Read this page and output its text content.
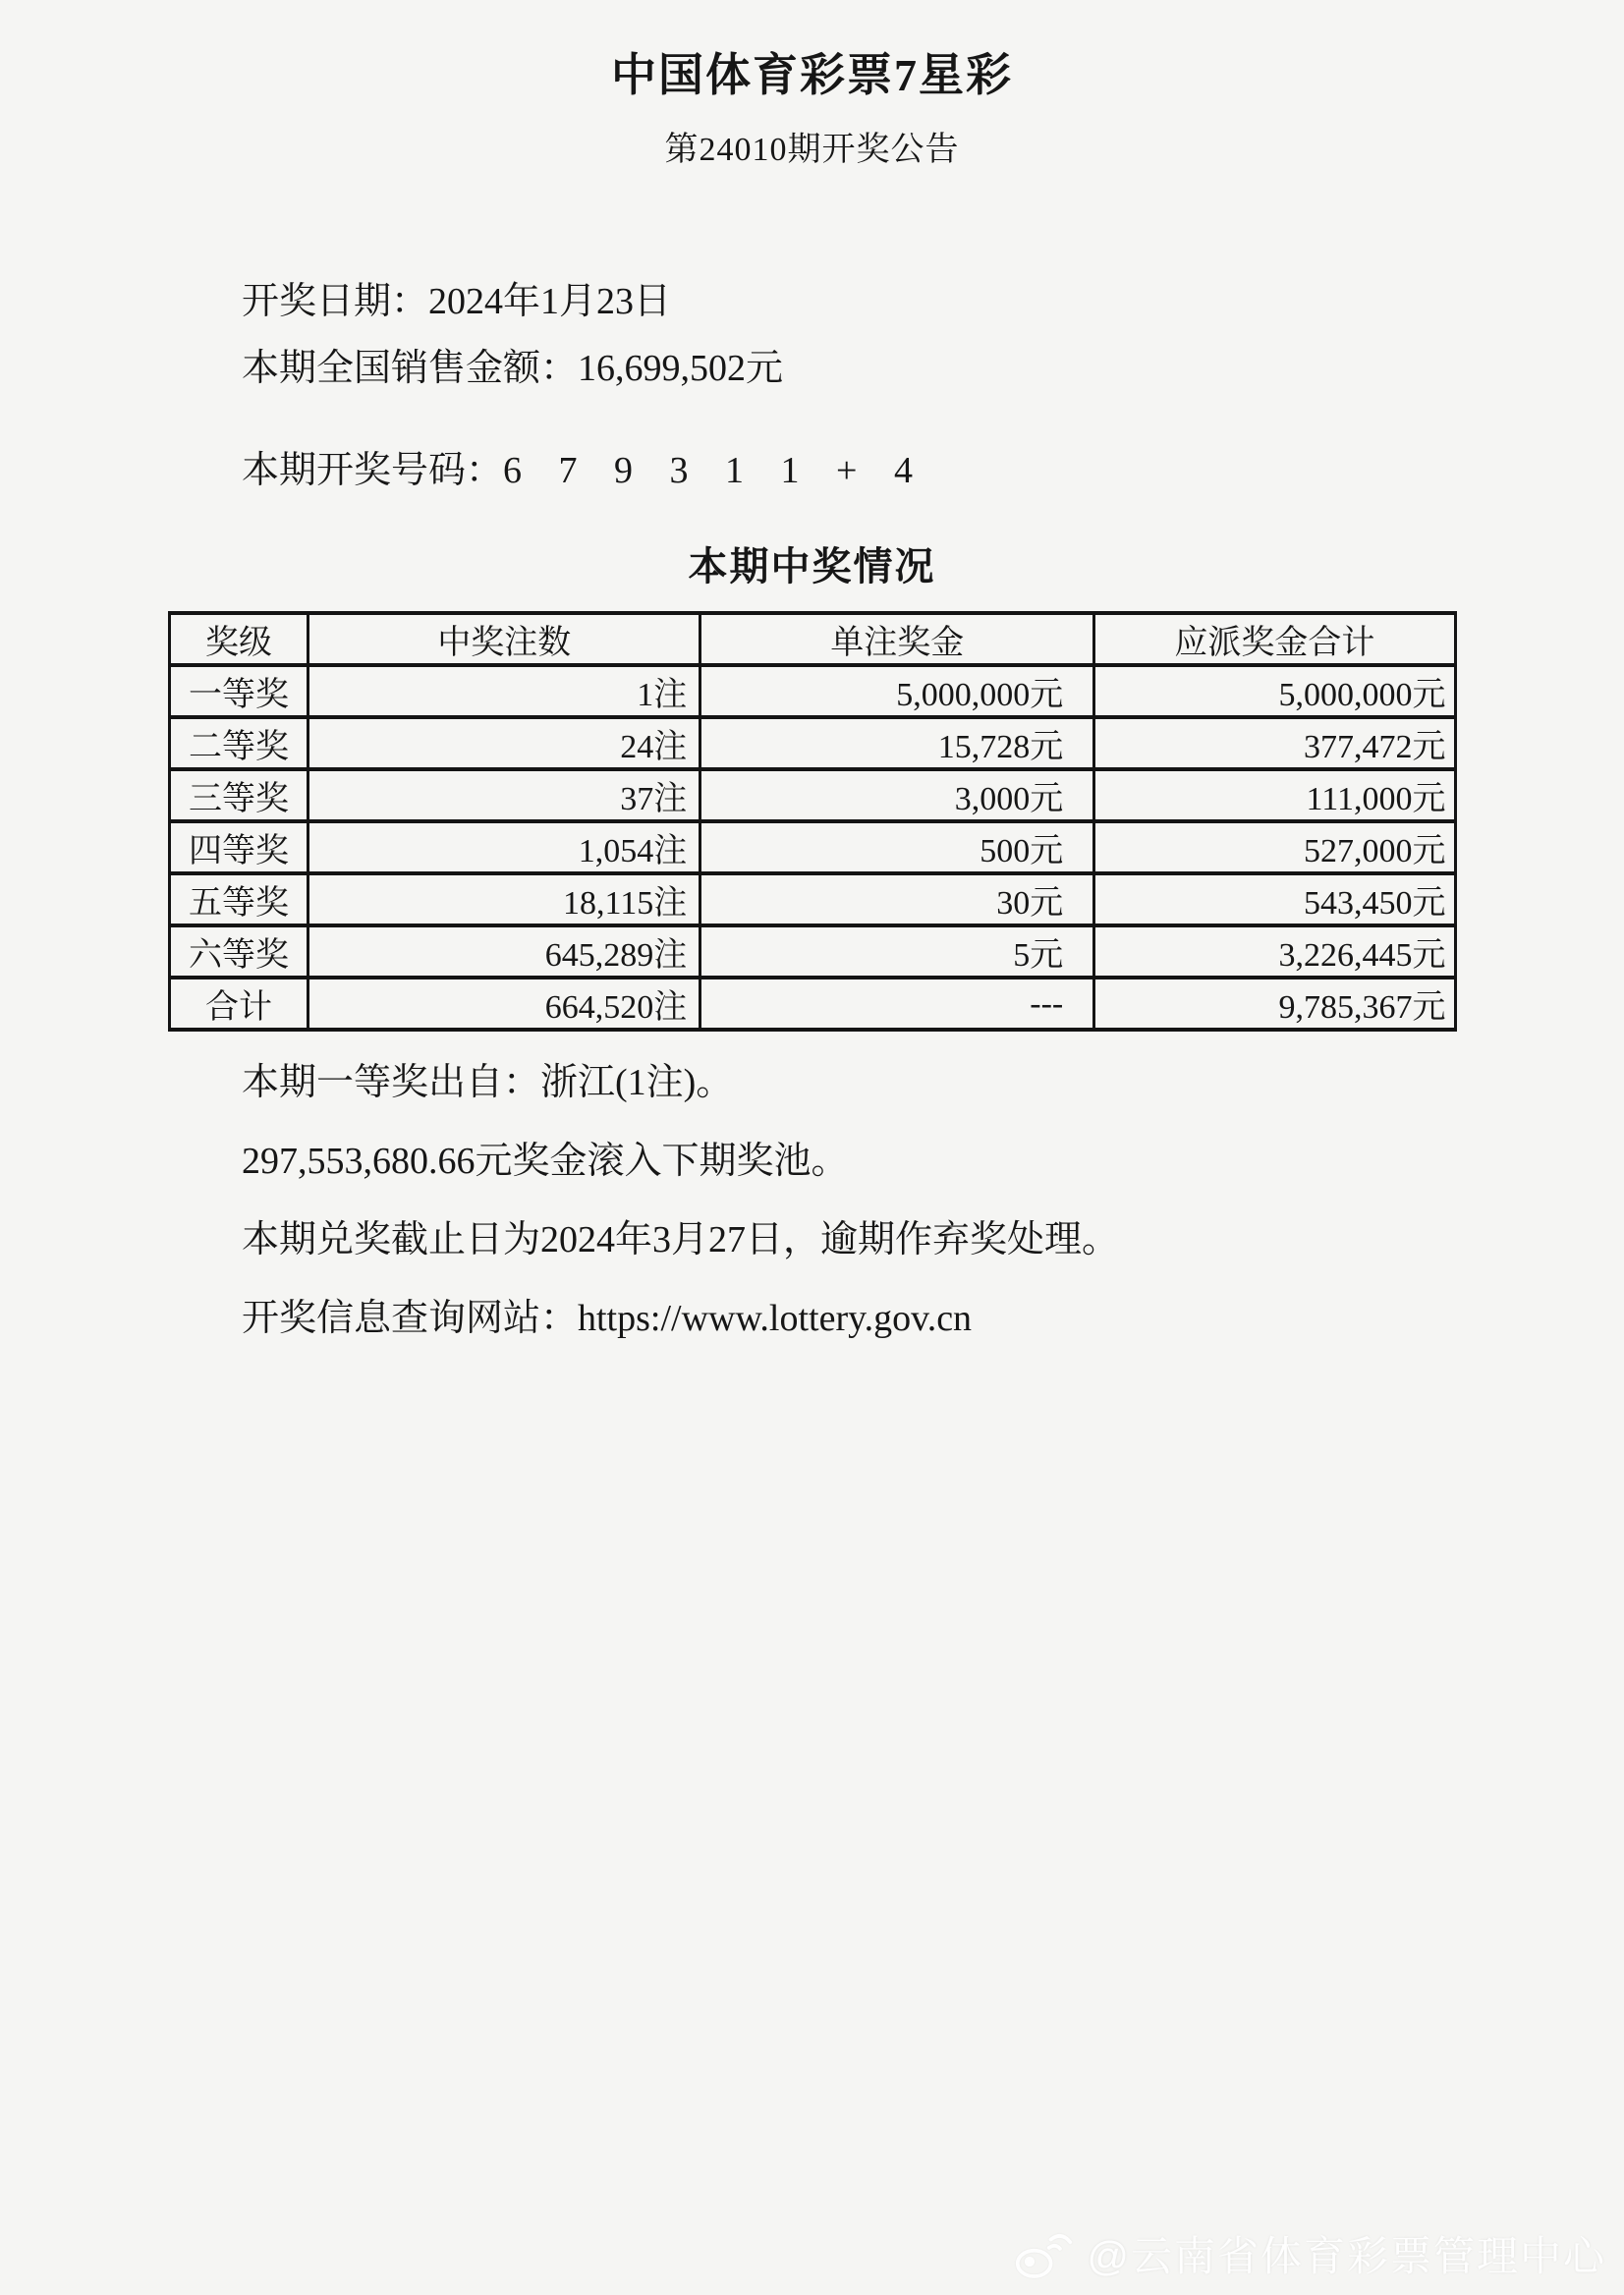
中国体育彩票7星彩
第24010期开奖公告

开奖日期：2024年1月23日

本期全国销售金额：16,699,502元

本期开奖号码：6 7 9 3 1 1 + 4

本期中奖情况
奖级	中奖注数	单注奖金	应派奖金合计
一等奖	1注	5,000,000元	5,000,000元
二等奖	24注	15,728元	377,472元
三等奖	37注	3,000元	111,000元
四等奖	1,054注	500元	527,000元
五等奖	18,115注	30元	543,450元
六等奖	645,289注	5元	3,226,445元
合计	664,520注	---	9,785,367元

本期一等奖出自：浙江(1注)。

297,553,680.66元奖金滚入下期奖池。

本期兑奖截止日为2024年3月27日，逾期作弃奖处理。

开奖信息查询网站：https://www.lottery.gov.cn

@云南省体育彩票管理中心
